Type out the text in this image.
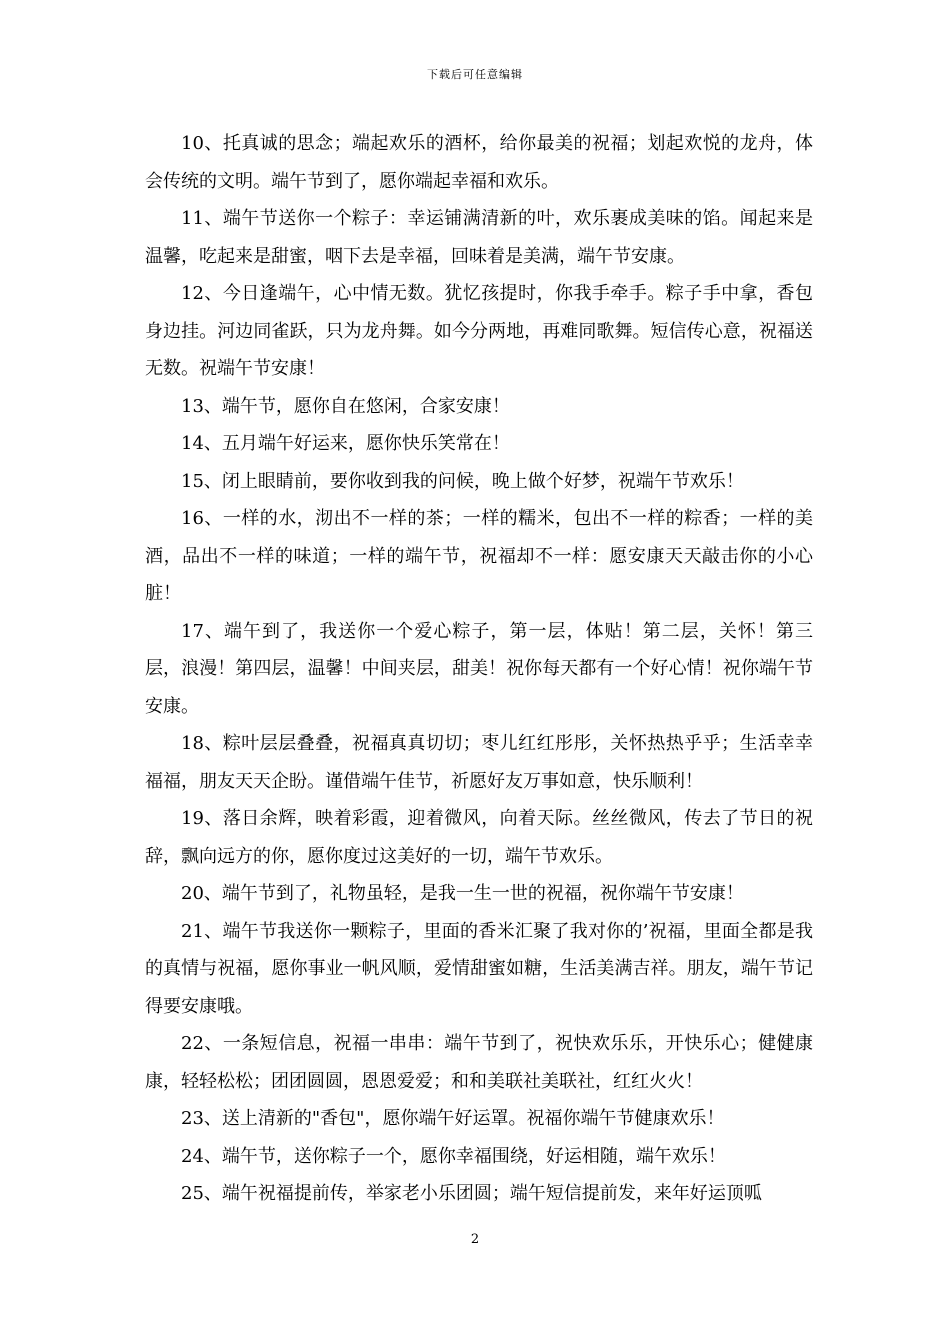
下载后可任意编辑

10、托真诚的思念；端起欢乐的酒杯，给你最美的祝福；划起欢悦的龙舟，体会传统的文明。端午节到了，愿你端起幸福和欢乐。

11、端午节送你一个粽子：幸运铺满清新的叶，欢乐裹成美味的馅。闻起来是温馨，吃起来是甜蜜，咽下去是幸福，回味着是美满，端午节安康。

12、今日逢端午，心中情无数。犹忆孩提时，你我手牵手。粽子手中拿，香包身边挂。河边同雀跃，只为龙舟舞。如今分两地，再难同歌舞。短信传心意，祝福送无数。祝端午节安康！

13、端午节，愿你自在悠闲，合家安康！

14、五月端午好运来，愿你快乐笑常在！

15、闭上眼睛前，要你收到我的问候，晚上做个好梦，祝端午节欢乐！

16、一样的水，沏出不一样的茶；一样的糯米，包出不一样的粽香；一样的美酒，品出不一样的味道；一样的端午节，祝福却不一样：愿安康天天敲击你的小心脏！

17、端午到了，我送你一个爱心粽子，第一层，体贴！第二层，关怀！第三层，浪漫！第四层，温馨！中间夹层，甜美！祝你每天都有一个好心情！祝你端午节安康。

18、粽叶层层叠叠，祝福真真切切；枣儿红红彤彤，关怀热热乎乎；生活幸幸福福，朋友天天企盼。谨借端午佳节，祈愿好友万事如意，快乐顺利！

19、落日余辉，映着彩霞，迎着微风，向着天际。丝丝微风，传去了节日的祝辞，飘向远方的你，愿你度过这美好的一切，端午节欢乐。

20、端午节到了，礼物虽轻，是我一生一世的祝福，祝你端午节安康！

21、端午节我送你一颗粽子，里面的香米汇聚了我对你的’祝福，里面全都是我的真情与祝福，愿你事业一帆风顺，爱情甜蜜如糖，生活美满吉祥。朋友，端午节记得要安康哦。

22、一条短信息，祝福一串串：端午节到了，祝快欢乐乐，开快乐心；健健康康，轻轻松松；团团圆圆，恩恩爱爱；和和美联社美联社，红红火火！

23、送上清新的"香包"，愿你端午好运罩。祝福你端午节健康欢乐！

24、端午节，送你粽子一个，愿你幸福围绕，好运相随，端午欢乐！

25、端午祝福提前传，举家老小乐团圆；端午短信提前发，来年好运顶呱

2
